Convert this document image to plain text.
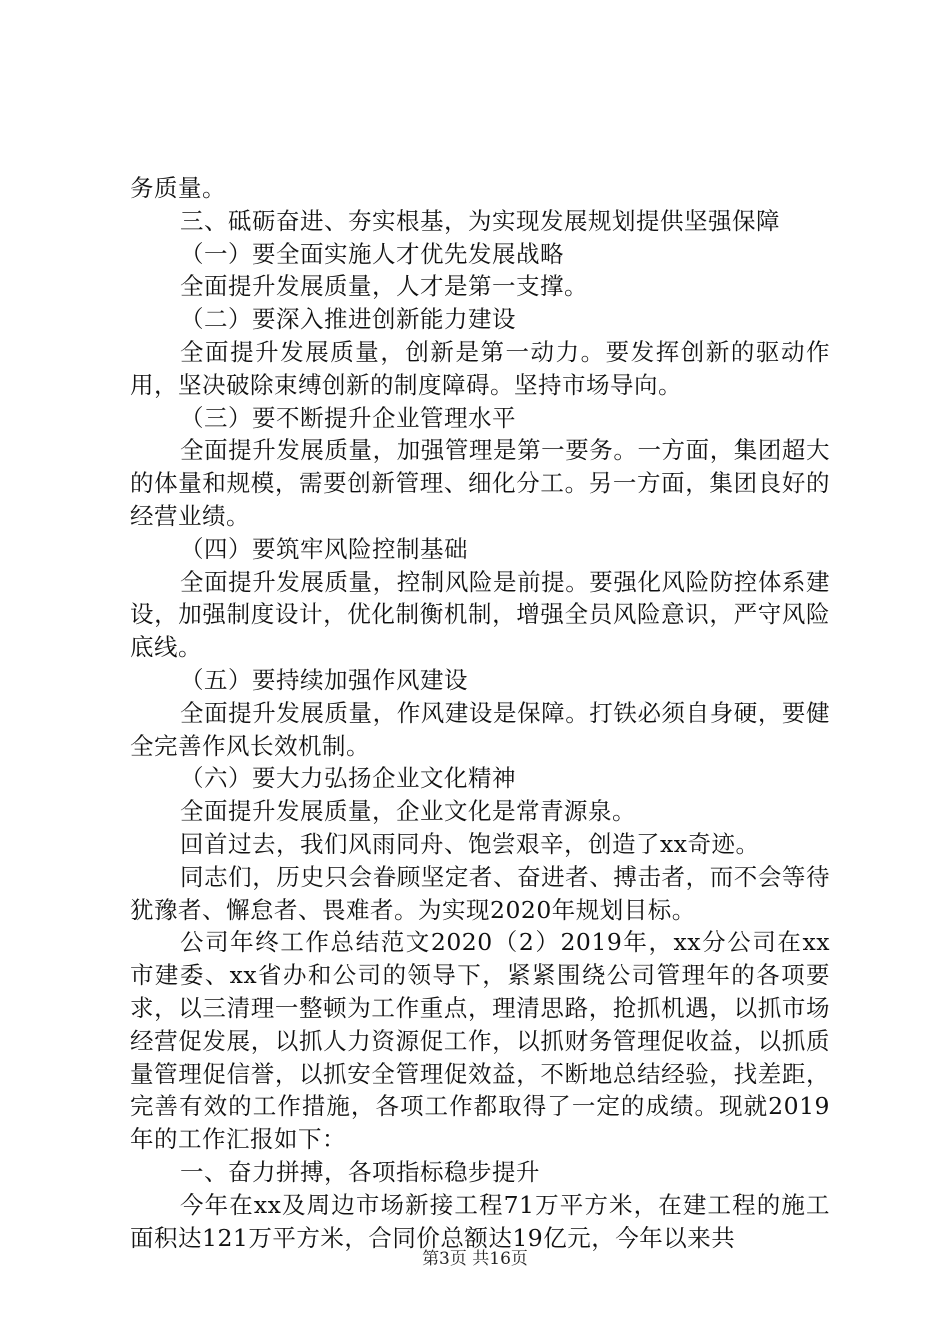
务质量。

三、砥砺奋进、夯实根基，为实现发展规划提供坚强保障

（一）要全面实施人才优先发展战略

全面提升发展质量，人才是第一支撑。

（二）要深入推进创新能力建设

全面提升发展质量，创新是第一动力。要发挥创新的驱动作用，坚决破除束缚创新的制度障碍。坚持市场导向。

（三）要不断提升企业管理水平

全面提升发展质量，加强管理是第一要务。一方面，集团超大的体量和规模，需要创新管理、细化分工。另一方面，集团良好的经营业绩。

（四）要筑牢风险控制基础

全面提升发展质量，控制风险是前提。要强化风险防控体系建设，加强制度设计，优化制衡机制，增强全员风险意识，严守风险底线。

（五）要持续加强作风建设

全面提升发展质量，作风建设是保障。打铁必须自身硬，要健全完善作风长效机制。

（六）要大力弘扬企业文化精神

全面提升发展质量，企业文化是常青源泉。

回首过去，我们风雨同舟、饱尝艰辛，创造了xx奇迹。

同志们，历史只会眷顾坚定者、奋进者、搏击者，而不会等待犹豫者、懈怠者、畏难者。为实现2020年规划目标。

公司年终工作总结范文2020（2）2019年，xx分公司在xx市建委、xx省办和公司的领导下，紧紧围绕公司管理年的各项要求，以三清理一整顿为工作重点，理清思路，抢抓机遇，以抓市场经营促发展，以抓人力资源促工作，以抓财务管理促收益，以抓质量管理促信誉，以抓安全管理促效益，不断地总结经验，找差距，完善有效的工作措施，各项工作都取得了一定的成绩。现就2019年的工作汇报如下：

一、奋力拼搏，各项指标稳步提升

今年在xx及周边市场新接工程71万平方米，在建工程的施工面积达121万平方米，合同价总额达19亿元，今年以来共

第3页 共16页
